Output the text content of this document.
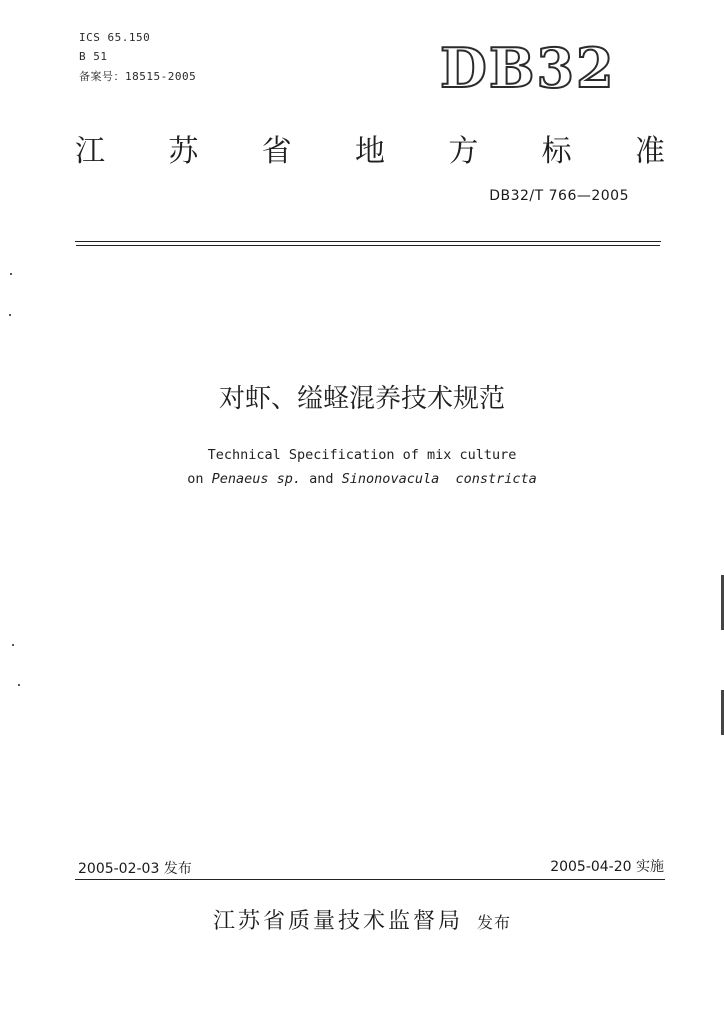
ICS 65.150
B 51
备案号：18515-2005	DB32
江 苏 省 地 方 标 准
DB32/T 766—2005
对虾、缢蛏混养技术规范
Technical Specification of mix culture
on Penaeus sp. and Sinonovacula  constricta
2005-02-03 发布	2005-04-20 实施
江苏省质量技术监督局 发布
